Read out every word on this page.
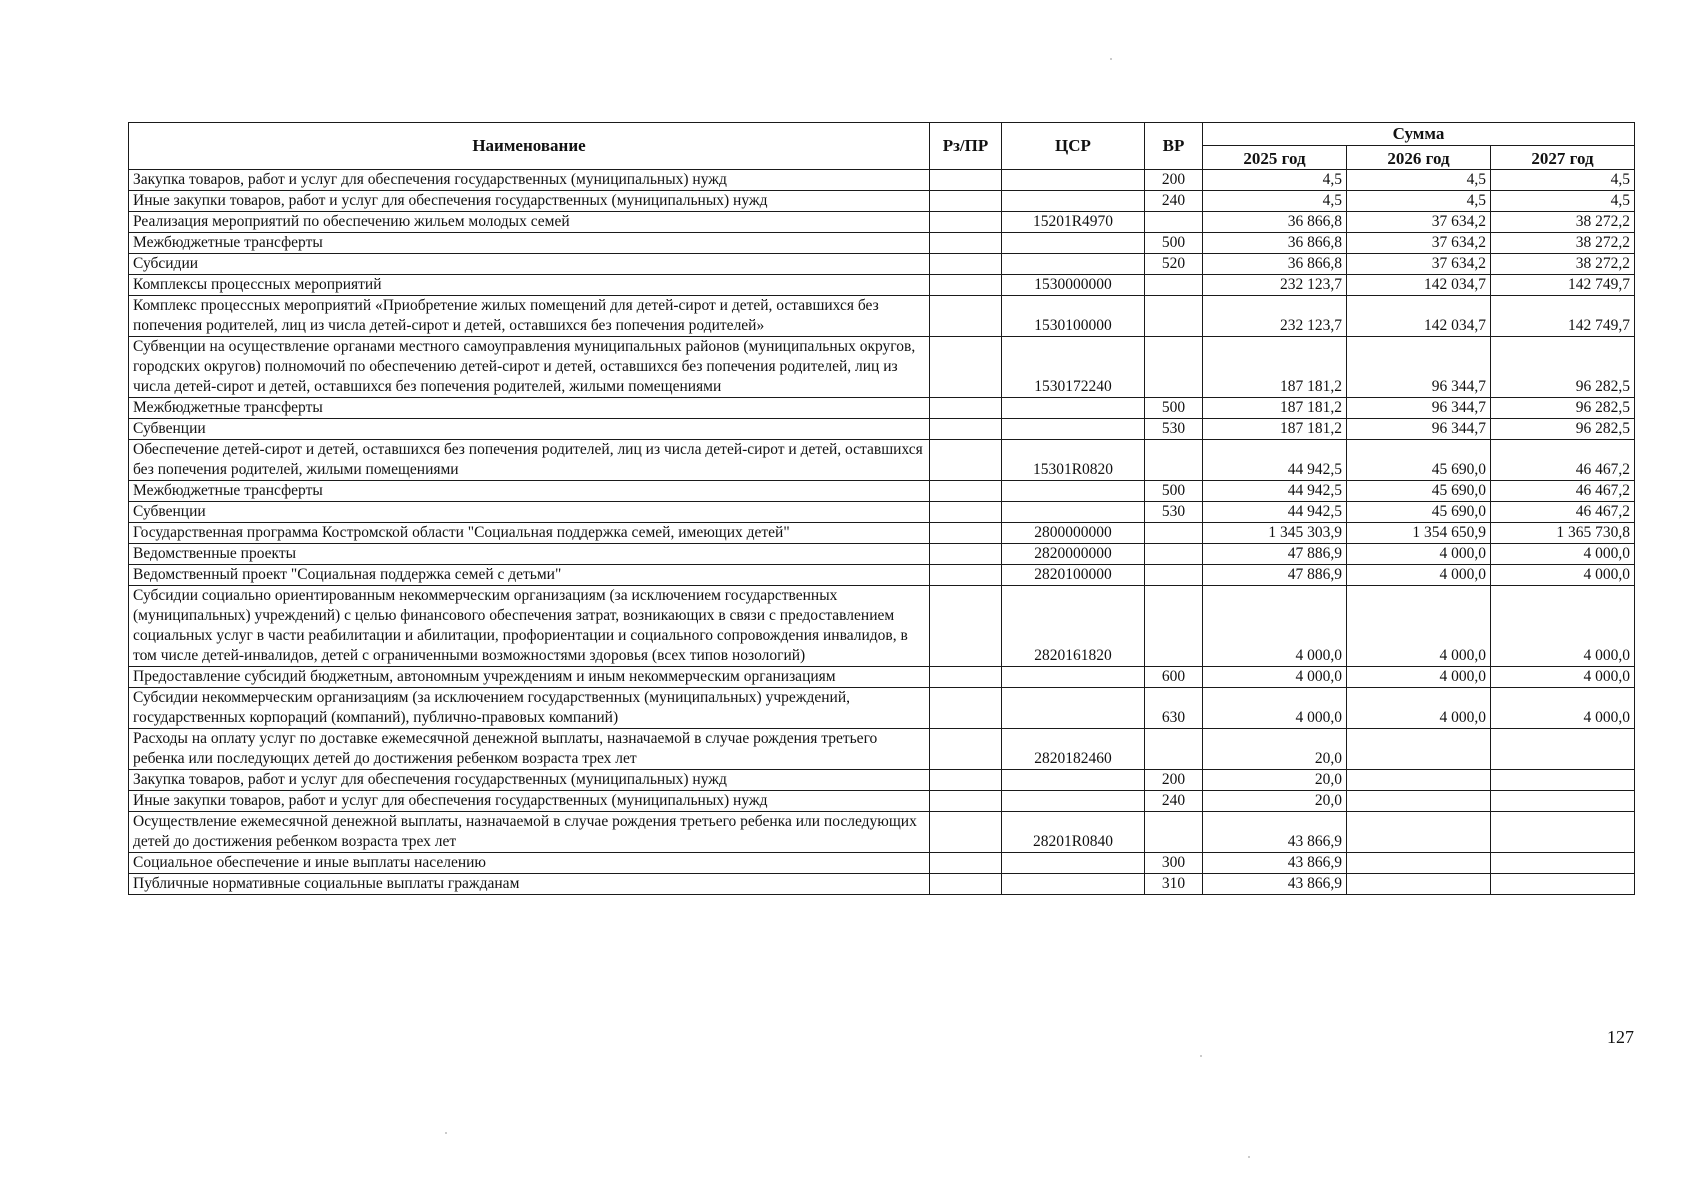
Наименование	Рз/ПР	ЦСР	ВР	Сумма		
				2025 год	2026 год	2027 год
Закупка товаров, работ и услуг для обеспечения государственных (муниципальных) нужд			200	4,5	4,5	4,5
Иные закупки товаров, работ и услуг для обеспечения государственных (муниципальных) нужд			240	4,5	4,5	4,5
Реализация мероприятий по обеспечению жильем молодых семей		15201R4970		36 866,8	37 634,2	38 272,2
Межбюджетные трансферты			500	36 866,8	37 634,2	38 272,2
Субсидии			520	36 866,8	37 634,2	38 272,2
Комплексы процессных мероприятий		1530000000		232 123,7	142 034,7	142 749,7
Комплекс процессных мероприятий «Приобретение жилых помещений для детей-сирот и детей, оставшихся без попечения родителей, лиц из числа детей-сирот и детей, оставшихся без попечения родителей»		1530100000		232 123,7	142 034,7	142 749,7
Субвенции на осуществление органами местного самоуправления муниципальных районов (муниципальных округов, городских округов) полномочий по обеспечению детей-сирот и детей, оставшихся без попечения родителей, лиц из числа детей-сирот и детей, оставшихся без попечения родителей, жилыми помещениями		1530172240		187 181,2	96 344,7	96 282,5
Межбюджетные трансферты			500	187 181,2	96 344,7	96 282,5
Субвенции			530	187 181,2	96 344,7	96 282,5
Обеспечение детей-сирот и детей, оставшихся без попечения родителей, лиц из числа детей-сирот и детей, оставшихся без попечения родителей, жилыми помещениями		15301R0820		44 942,5	45 690,0	46 467,2
Межбюджетные трансферты			500	44 942,5	45 690,0	46 467,2
Субвенции			530	44 942,5	45 690,0	46 467,2
Государственная программа Костромской области "Социальная поддержка семей, имеющих детей"		2800000000		1 345 303,9	1 354 650,9	1 365 730,8
Ведомственные проекты		2820000000		47 886,9	4 000,0	4 000,0
Ведомственный проект "Социальная поддержка семей с детьми"		2820100000		47 886,9	4 000,0	4 000,0
Субсидии социально ориентированным некоммерческим организациям (за исключением государственных (муниципальных) учреждений) с целью финансового обеспечения затрат, возникающих в связи с предоставлением социальных услуг в части реабилитации и абилитации, профориентации и социального сопровождения инвалидов, в том числе детей-инвалидов, детей с ограниченными возможностями здоровья (всех типов нозологий)		2820161820		4 000,0	4 000,0	4 000,0
Предоставление субсидий бюджетным, автономным учреждениям и иным некоммерческим организациям			600	4 000,0	4 000,0	4 000,0
Субсидии некоммерческим организациям (за исключением государственных (муниципальных) учреждений, государственных корпораций (компаний), публично-правовых компаний)			630	4 000,0	4 000,0	4 000,0
Расходы на оплату услуг по доставке ежемесячной денежной выплаты, назначаемой в случае рождения третьего ребенка или последующих детей до достижения ребенком возраста трех лет		2820182460		20,0		
Закупка товаров, работ и услуг для обеспечения государственных (муниципальных) нужд			200	20,0		
Иные закупки товаров, работ и услуг для обеспечения государственных (муниципальных) нужд			240	20,0		
Осуществление ежемесячной денежной выплаты, назначаемой в случае рождения третьего ребенка или последующих детей до достижения ребенком возраста трех лет		28201R0840		43 866,9		
Социальное обеспечение и иные выплаты населению			300	43 866,9		
Публичные нормативные социальные выплаты гражданам			310	43 866,9		
127
